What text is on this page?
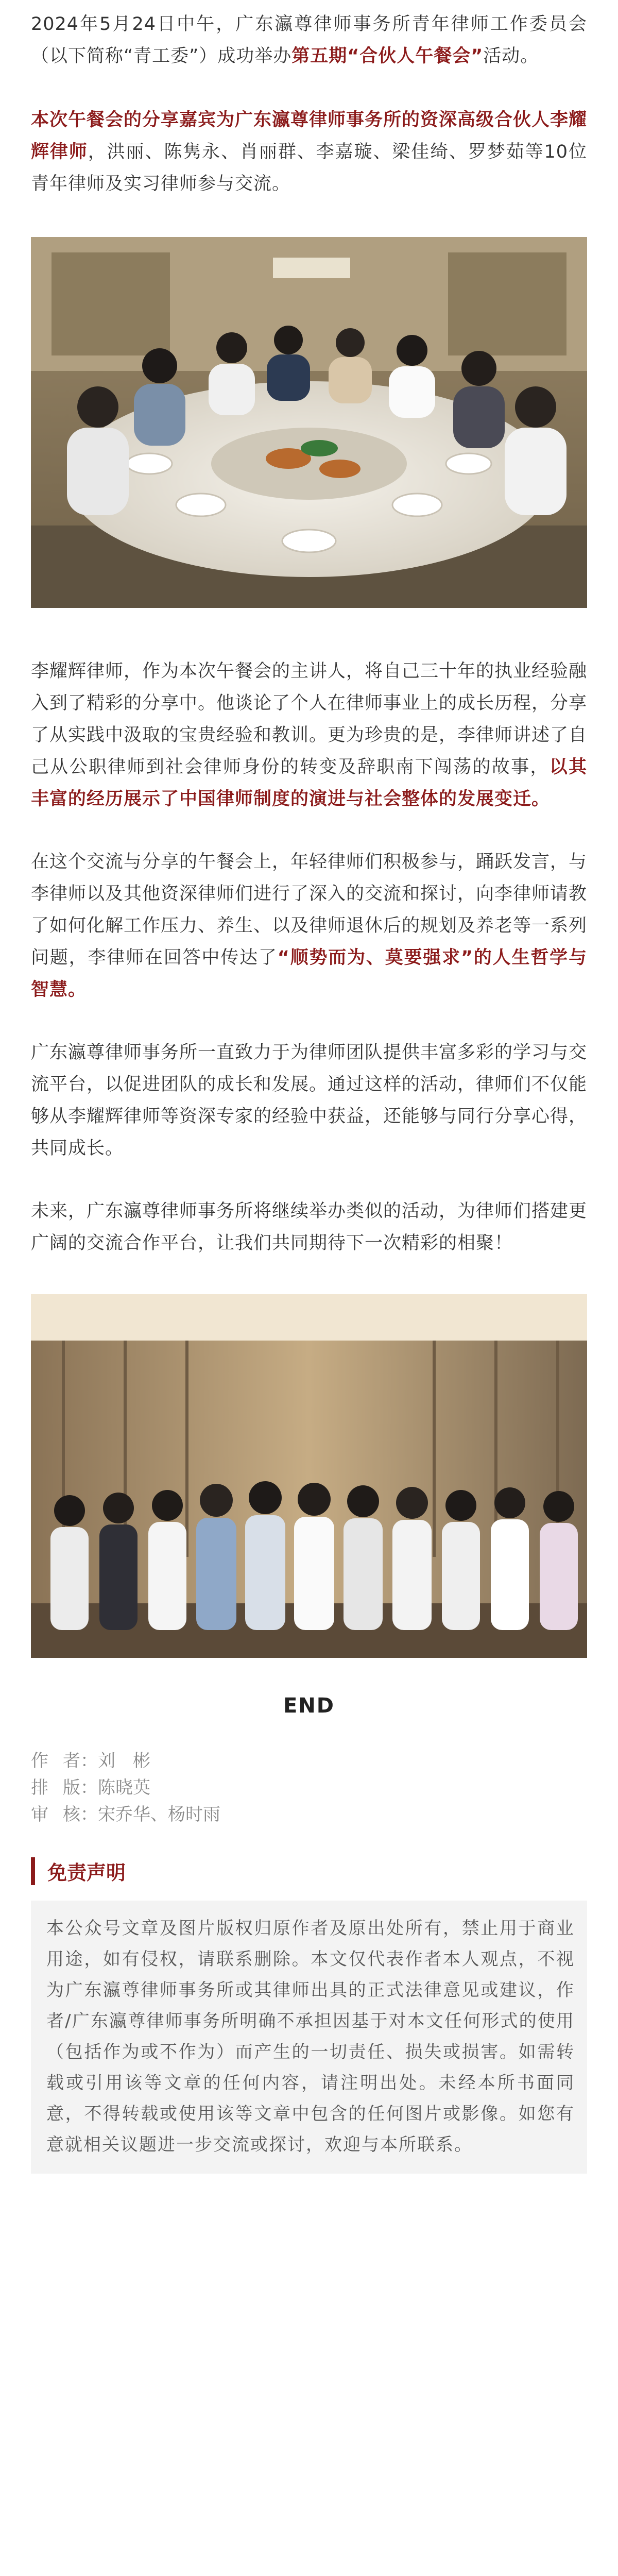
2024年5月24日中午，广东瀛尊律师事务所青年律师工作委员会（以下简称“青工委”）成功举办第五期“合伙人午餐会”活动。

本次午餐会的分享嘉宾为广东瀛尊律师事务所的资深高级合伙人李耀辉律师，洪丽、陈隽永、肖丽群、李嘉璇、梁佳绮、罗梦茹等10位青年律师及实习律师参与交流。

李耀辉律师，作为本次午餐会的主讲人，将自己三十年的执业经验融入到了精彩的分享中。他谈论了个人在律师事业上的成长历程，分享了从实践中汲取的宝贵经验和教训。更为珍贵的是，李律师讲述了自己从公职律师到社会律师身份的转变及辞职南下闯荡的故事，以其丰富的经历展示了中国律师制度的演进与社会整体的发展变迁。

在这个交流与分享的午餐会上，年轻律师们积极参与，踊跃发言，与李律师以及其他资深律师们进行了深入的交流和探讨，向李律师请教了如何化解工作压力、养生、以及律师退休后的规划及养老等一系列问题，李律师在回答中传达了“顺势而为、莫要强求”的人生哲学与智慧。

广东瀛尊律师事务所一直致力于为律师团队提供丰富多彩的学习与交流平台，以促进团队的成长和发展。通过这样的活动，律师们不仅能够从李耀辉律师等资深专家的经验中获益，还能够与同行分享心得，共同成长。

未来，广东瀛尊律师事务所将继续举办类似的活动，为律师们搭建更广阔的交流合作平台，让我们共同期待下一次精彩的相聚！

END
作者 ： 刘　彬
排版 ： 陈晓英
审核 ： 宋乔华、杨时雨
免责声明

本公众号文章及图片版权归原作者及原出处所有，禁止用于商业用途，如有侵权，请联系删除。本文仅代表作者本人观点，不视为广东瀛尊律师事务所或其律师出具的正式法律意见或建议，作者/广东瀛尊律师事务所明确不承担因基于对本文任何形式的使用（包括作为或不作为）而产生的一切责任、损失或损害。如需转载或引用该等文章的任何内容，请注明出处。未经本所书面同意，不得转载或使用该等文章中包含的任何图片或影像。如您有意就相关议题进一步交流或探讨，欢迎与本所联系。
